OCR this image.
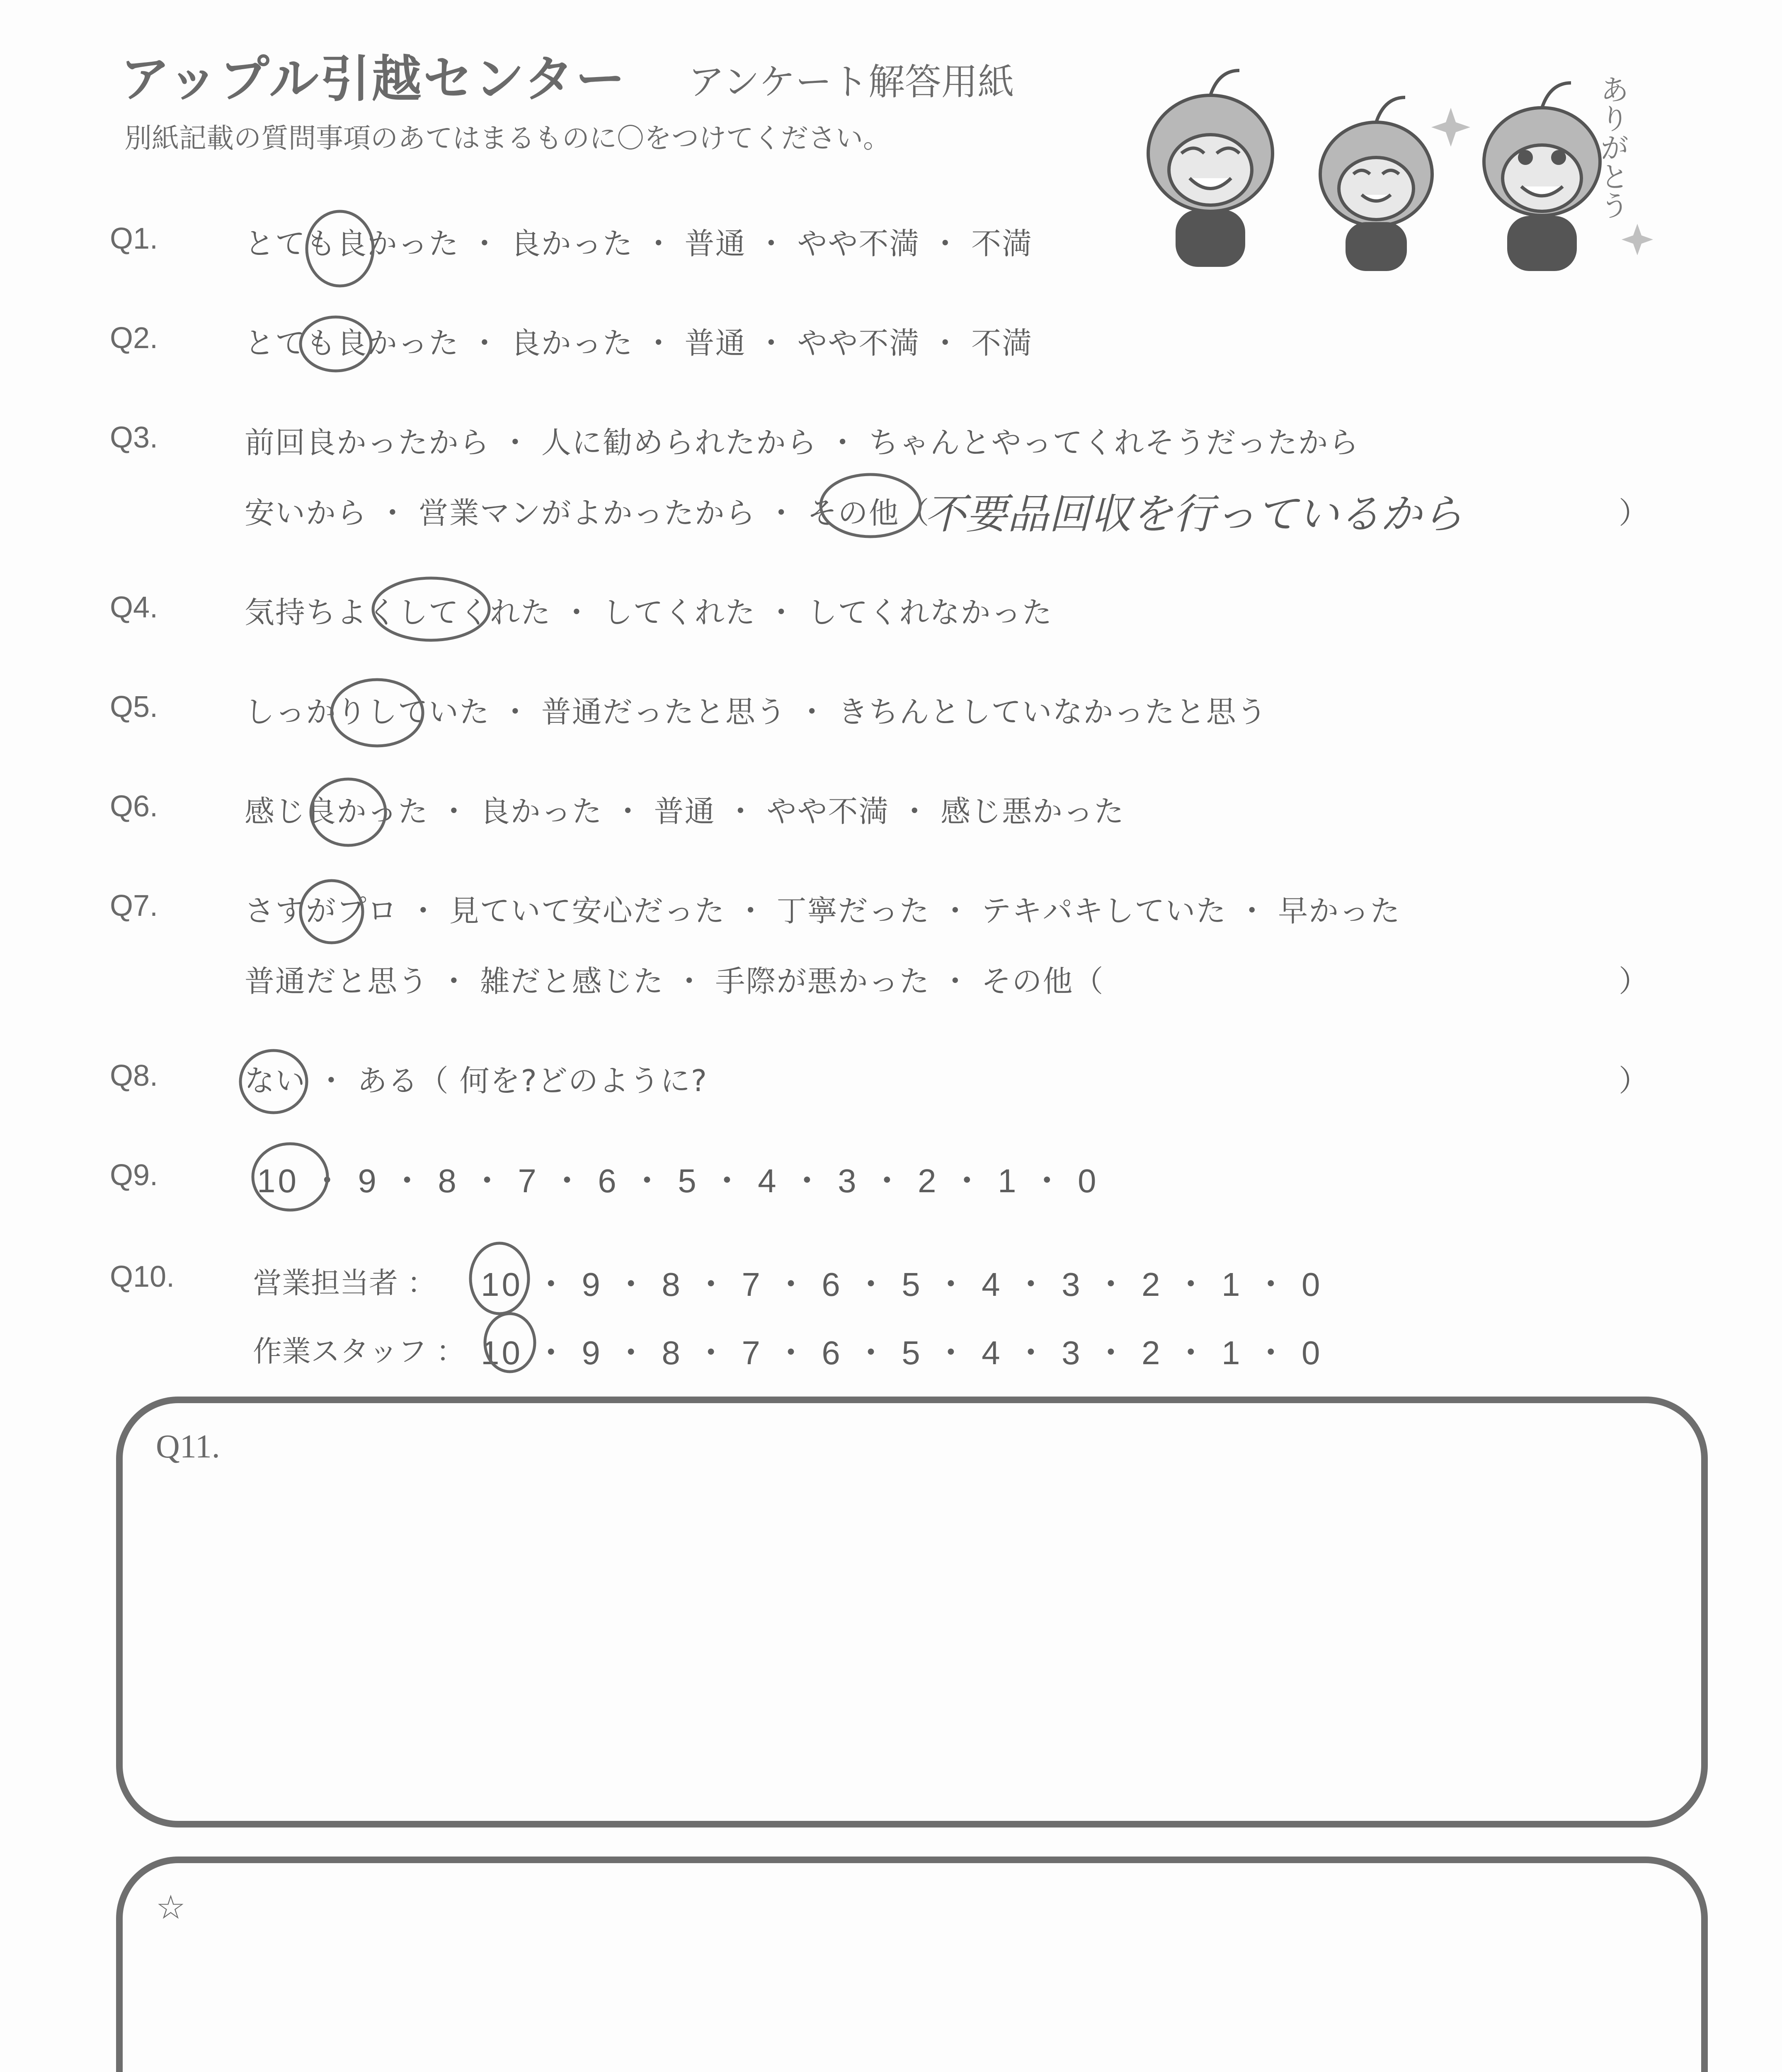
アップル引越センター アンケート解答用紙
別紙記載の質問事項のあてはまるものに〇をつけてください。	ありがとう
Q1.	とても良かった ・ 良かった ・ 普通 ・ やや不満 ・ 不満
Q2.	とても良かった ・ 良かった ・ 普通 ・ やや不満 ・ 不満
Q3.	前回良かったから ・ 人に勧められたから ・ ちゃんとやってくれそうだったから
安いから ・ 営業マンがよかったから ・ その他（	）
不要品回収を行っているから
Q4.	気持ちよくしてくれた ・ してくれた ・ してくれなかった
Q5.	しっかりしていた ・ 普通だったと思う ・ きちんとしていなかったと思う
Q6.	感じ良かった ・ 良かった ・ 普通 ・ やや不満 ・ 感じ悪かった
Q7.	さすがプロ ・ 見ていて安心だった ・ 丁寧だった ・ テキパキしていた ・ 早かった
普通だと思う ・ 雑だと感じた ・ 手際が悪かった ・ その他（	）
Q8.	ない ・ ある（ 何を?どのように?	）
Q9.	10 ・ 9 ・ 8 ・ 7 ・ 6 ・ 5 ・ 4 ・ 3 ・ 2 ・ 1 ・ 0
Q10.	営業担当者 ： 10 ・ 9 ・ 8 ・ 7 ・ 6 ・ 5 ・ 4 ・ 3 ・ 2 ・ 1 ・ 0
作業スタッフ ： 10 ・ 9 ・ 8 ・ 7 ・ 6 ・ 5 ・ 4 ・ 3 ・ 2 ・ 1 ・ 0
Q11.
☆
